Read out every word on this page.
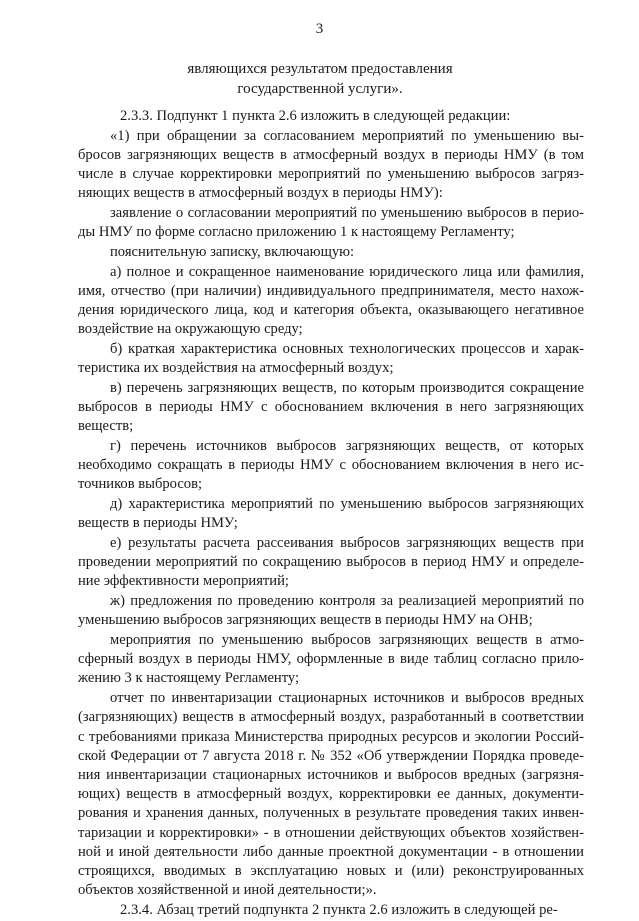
3
являющихся результатом предоставления
государственной услуги».

2.3.3. Подпункт 1 пункта 2.6 изложить в следующей редакции:

«1) при обращении за согласованием мероприятий по уменьшению выбросов загрязняющих веществ в атмосферный воздух в периоды НМУ (в том числе в случае корректировки мероприятий по уменьшению выбросов загрязняющих веществ в атмосферный воздух в периоды НМУ):

заявление о согласовании мероприятий по уменьшению выбросов в периоды НМУ по форме согласно приложению 1 к настоящему Регламенту;

пояснительную записку, включающую:

а) полное и сокращенное наименование юридического лица или фамилия, имя, отчество (при наличии) индивидуального предпринимателя, место нахождения юридического лица, код и категория объекта, оказывающего негативное воздействие на окружающую среду;

б) краткая характеристика основных технологических процессов и характеристика их воздействия на атмосферный воздух;

в) перечень загрязняющих веществ, по которым производится сокращение выбросов в периоды НМУ с обоснованием включения в него загрязняющих веществ;

г) перечень источников выбросов загрязняющих веществ, от которых необходимо сокращать в периоды НМУ с обоснованием включения в него источников выбросов;

д) характеристика мероприятий по уменьшению выбросов загрязняющих веществ в периоды НМУ;

е) результаты расчета рассеивания выбросов загрязняющих веществ при проведении мероприятий по сокращению выбросов в период НМУ и определение эффективности мероприятий;

ж) предложения по проведению контроля за реализацией мероприятий по уменьшению выбросов загрязняющих веществ в периоды НМУ на ОНВ;

мероприятия по уменьшению выбросов загрязняющих веществ в атмосферный воздух в периоды НМУ, оформленные в виде таблиц согласно приложению 3 к настоящему Регламенту;

отчет по инвентаризации стационарных источников и выбросов вредных (загрязняющих) веществ в атмосферный воздух, разработанный в соответствии с требованиями приказа Министерства природных ресурсов и экологии Российской Федерации от 7 августа 2018 г. № 352 «Об утверждении Порядка проведения инвентаризации стационарных источников и выбросов вредных (загрязняющих) веществ в атмосферный воздух, корректировки ее данных, документирования и хранения данных, полученных в результате проведения таких инвентаризации и корректировки» - в отношении действующих объектов хозяйственной и иной деятельности либо данные проектной документации - в отношении строящихся, вводимых в эксплуатацию новых и (или) реконструированных объектов хозяйственной и иной деятельности;».

2.3.4. Абзац третий подпункта 2 пункта 2.6 изложить в следующей ре-
